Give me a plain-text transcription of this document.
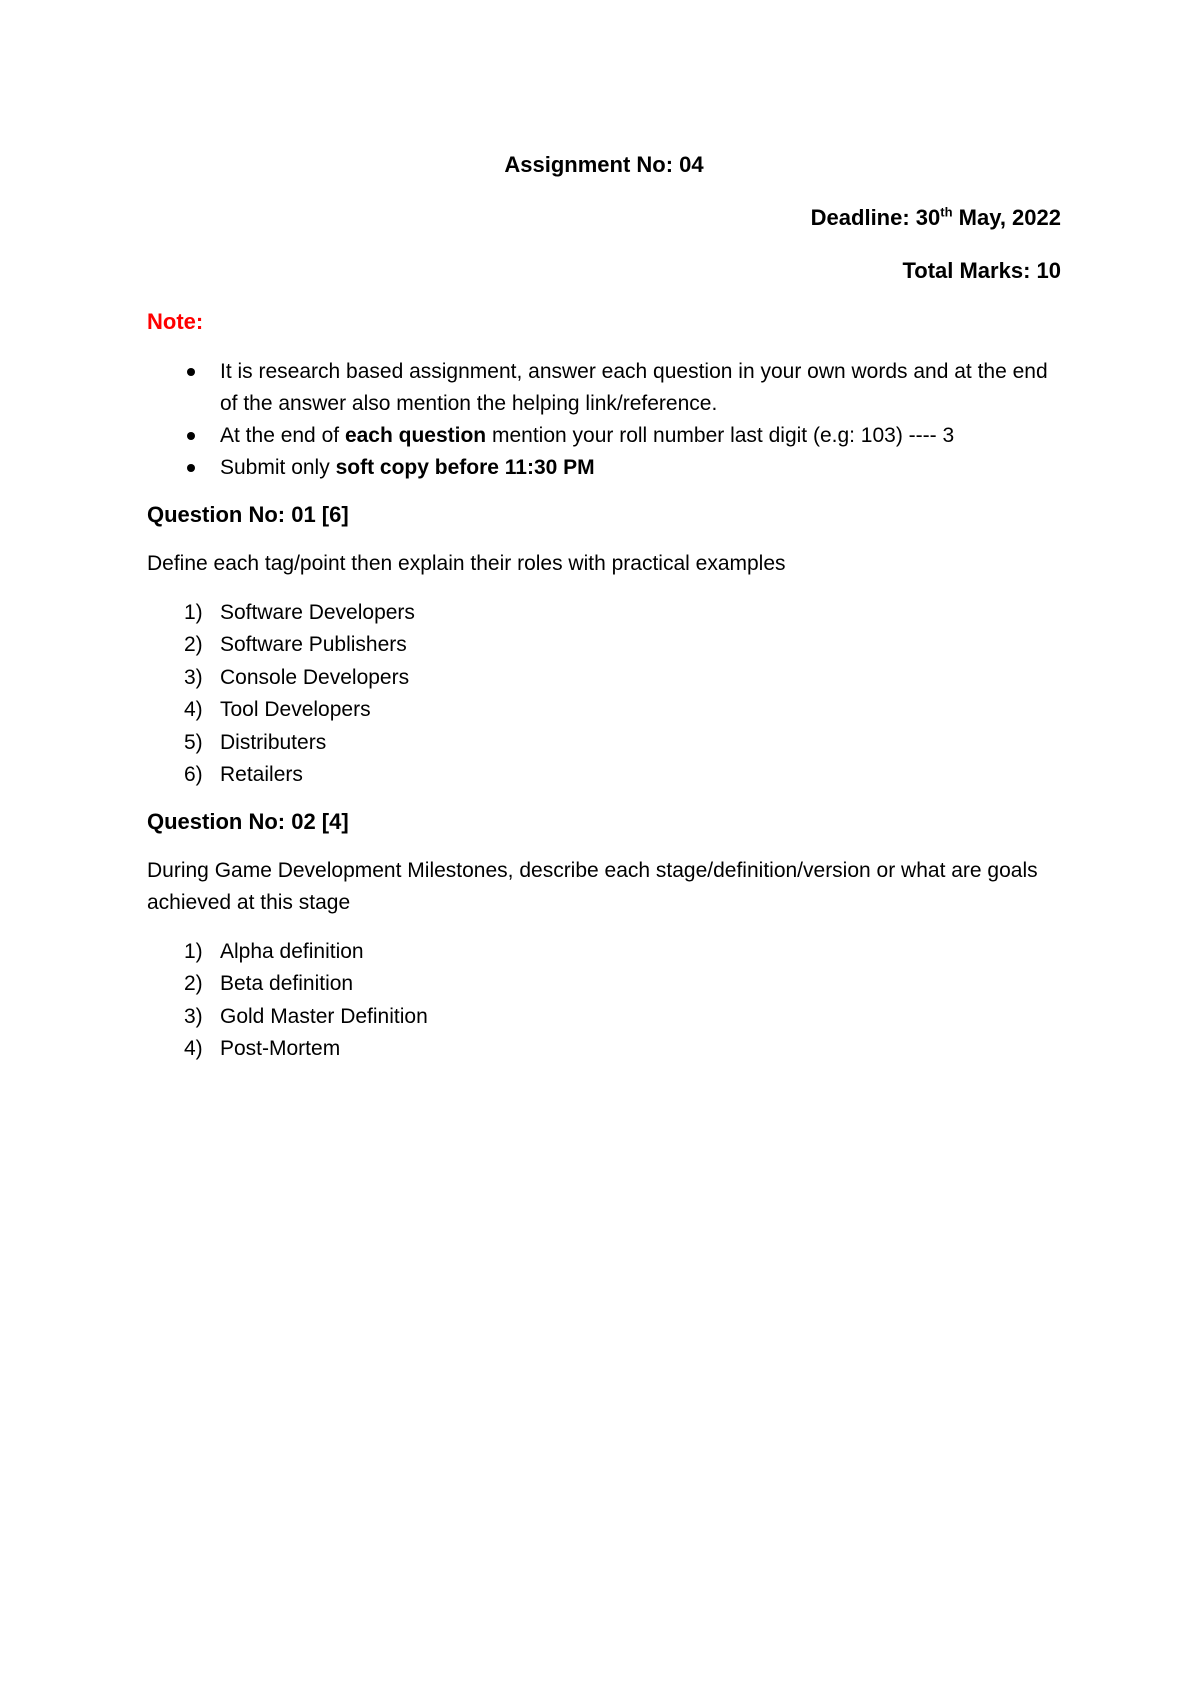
Assignment No: 04
Deadline: 30th May, 2022
Total Marks: 10
Note:
It is research based assignment, answer each question in your own words and at the end of the answer also mention the helping link/reference.
At the end of each question mention your roll number last digit (e.g: 103) ---- 3
Submit only soft copy before 11:30 PM
Question No: 01 [6]
Define each tag/point then explain their roles with practical examples
1) Software Developers
2) Software Publishers
3) Console Developers
4) Tool Developers
5) Distributers
6) Retailers
Question No: 02 [4]
During Game Development Milestones, describe each stage/definition/version or what are goals achieved at this stage
1) Alpha definition
2) Beta definition
3) Gold Master Definition
4) Post-Mortem
